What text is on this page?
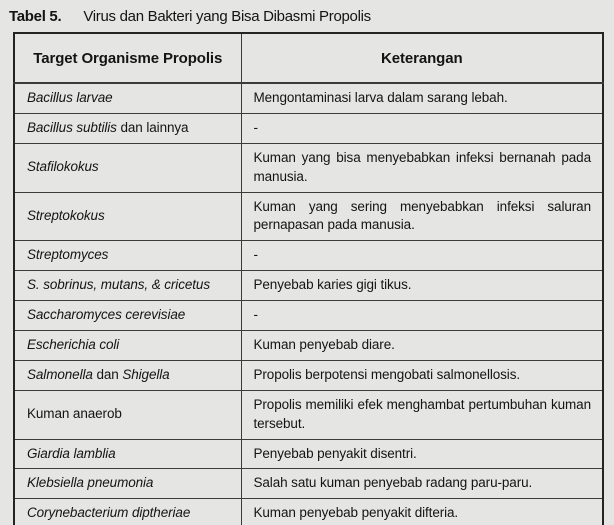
Tabel 5. Virus dan Bakteri yang Bisa Dibasmi Propolis
Target Organisme Propolis	Keterangan
Bacillus larvae	Mengontaminasi larva dalam sarang lebah.
Bacillus subtilis dan lainnya	-
Stafilokokus	Kuman yang bisa menyebabkan infeksi bernanah pada manusia.
Streptokokus	Kuman yang sering menyebabkan infeksi saluran pernapasan pada manusia.
Streptomyces	-
S. sobrinus, mutans, & cricetus	Penyebab karies gigi tikus.
Saccharomyces cerevisiae	-
Escherichia coli	Kuman penyebab diare.
Salmonella dan Shigella	Propolis berpotensi mengobati salmonellosis.
Kuman anaerob	Propolis memiliki efek menghambat pertumbuhan kuman tersebut.
Giardia lamblia	Penyebab penyakit disentri.
Klebsiella pneumonia	Salah satu kuman penyebab radang paru-paru.
Corynebacterium diptheriae	Kuman penyebab penyakit difteria.
